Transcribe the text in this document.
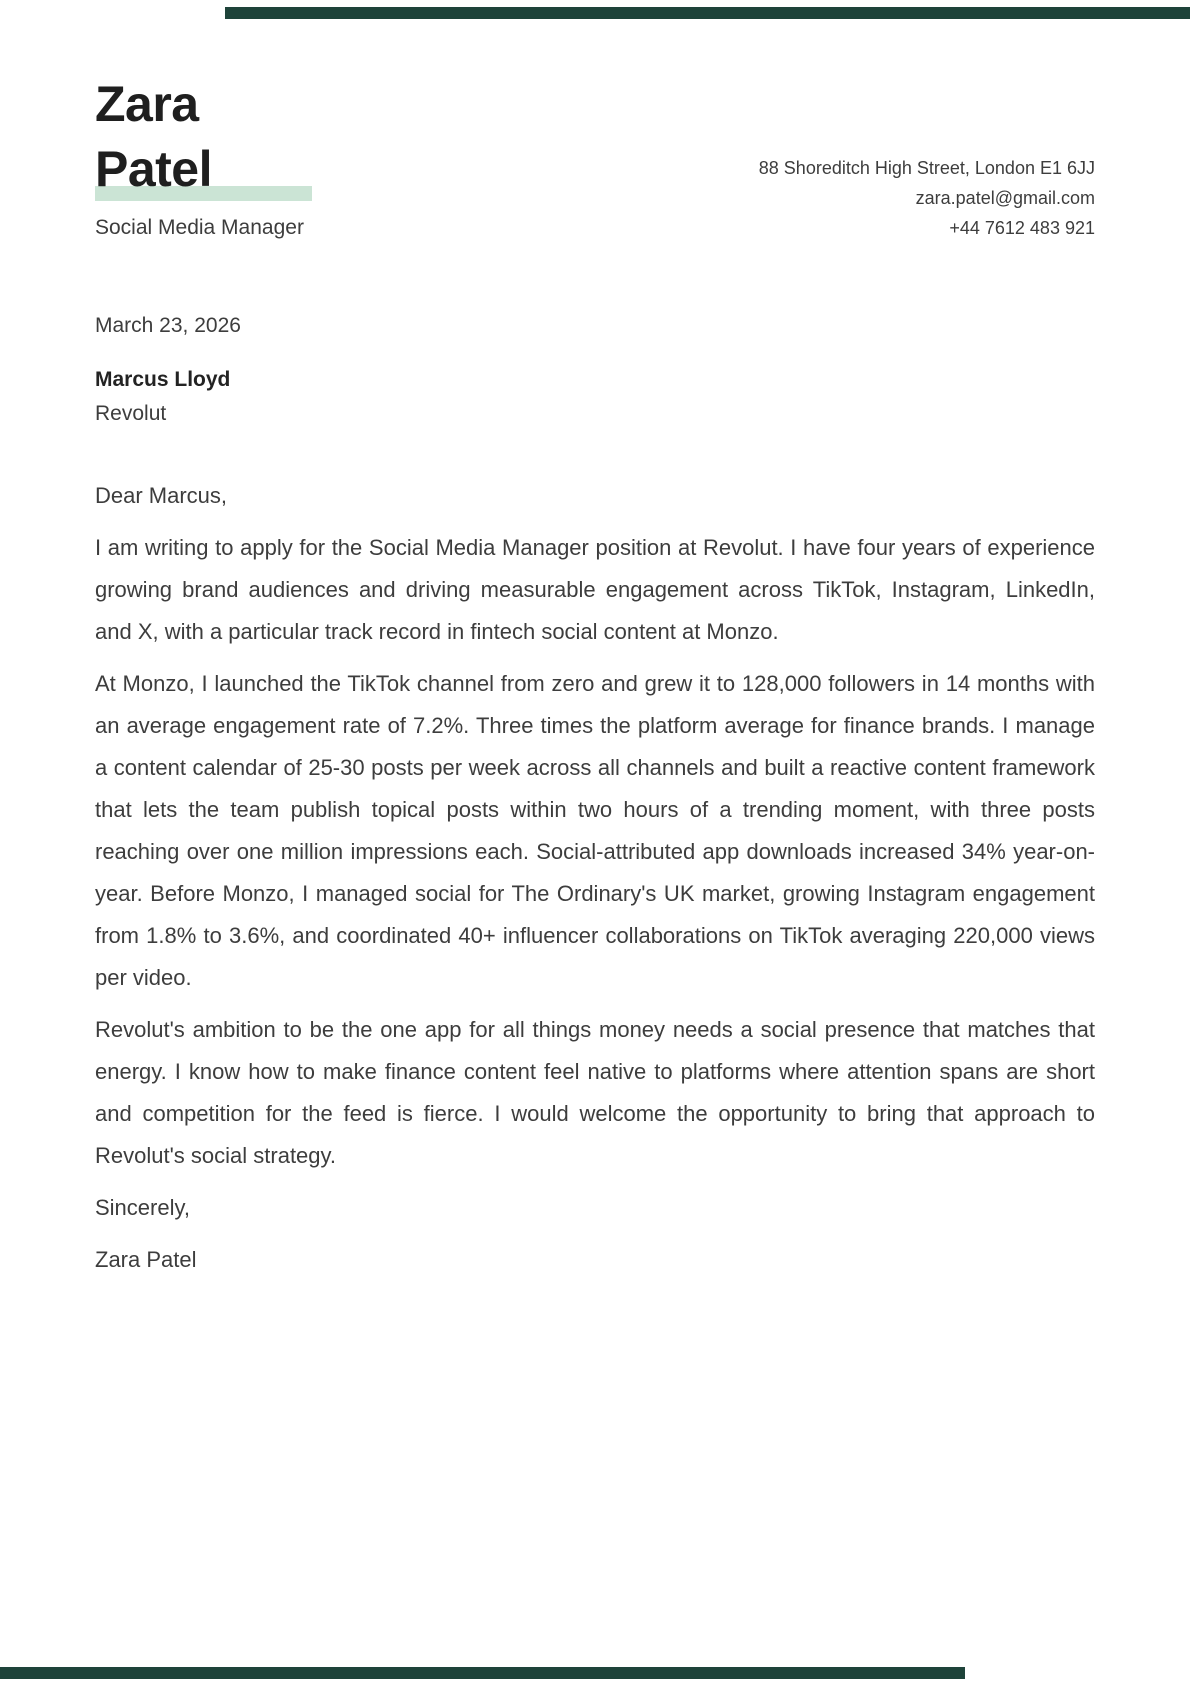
Zara
Patel
Social Media Manager
88 Shoreditch High Street, London E1 6JJ
zara.patel@gmail.com
+44 7612 483 921
March 23, 2026
Marcus Lloyd
Revolut
Dear Marcus,

I am writing to apply for the Social Media Manager position at Revolut. I have four years of experience growing brand audiences and driving measurable engagement across TikTok, Instagram, LinkedIn, and X, with a particular track record in fintech social content at Monzo.

At Monzo, I launched the TikTok channel from zero and grew it to 128,000 followers in 14 months with an average engagement rate of 7.2%. Three times the platform average for finance brands. I manage a content calendar of 25-30 posts per week across all channels and built a reactive content framework that lets the team publish topical posts within two hours of a trending moment, with three posts reaching over one million impressions each. Social-attributed app downloads increased 34% year-on-year. Before Monzo, I managed social for The Ordinary's UK market, growing Instagram engagement from 1.8% to 3.6%, and coordinated 40+ influencer collaborations on TikTok averaging 220,000 views per video.

Revolut's ambition to be the one app for all things money needs a social presence that matches that energy. I know how to make finance content feel native to platforms where attention spans are short and competition for the feed is fierce. I would welcome the opportunity to bring that approach to Revolut's social strategy.

Sincerely,
Zara Patel
